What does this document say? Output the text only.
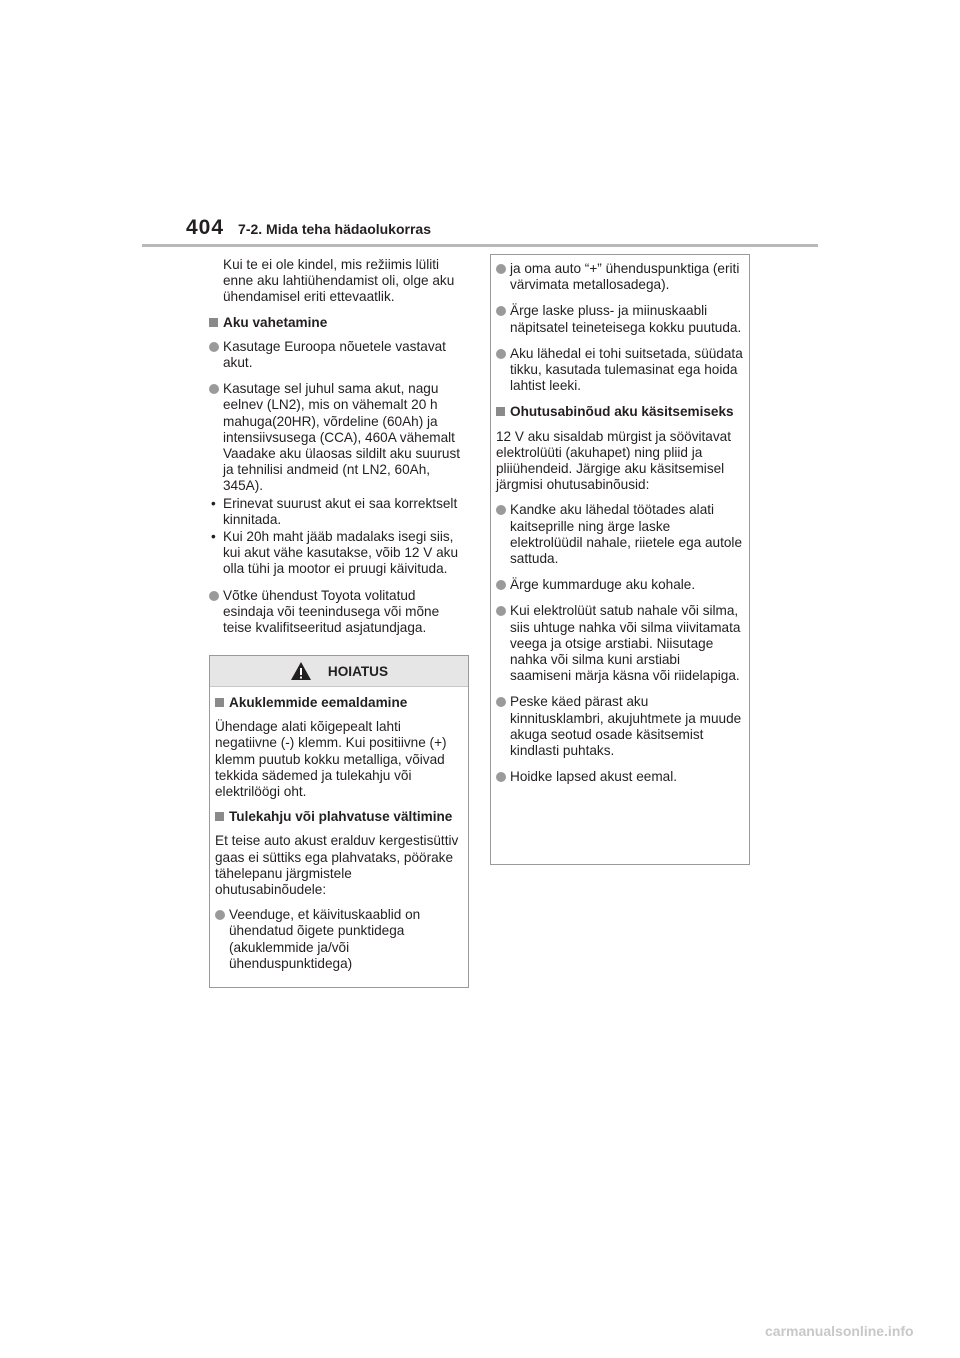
404 7-2. Mida teha hädaolukorras

Kui te ei ole kindel, mis režiimis lüliti enne aku lahtiühendamist oli, olge aku ühendamisel eriti ettevaatlik.

Aku vahetamine
Kasutage Euroopa nõuetele vastavat akut.
Kasutage sel juhul sama akut, nagu eelnev (LN2), mis on vähemalt 20 h mahuga(20HR), võrdeline (60Ah) ja intensiivsusega (CCA), 460A vähemalt Vaadake aku ülaosas sildilt aku suurust ja tehnilisi andmeid (nt LN2, 60Ah, 345A).
• Erinevat suurust akut ei saa korrektselt kinnitada.
• Kui 20h maht jääb madalaks isegi siis, kui akut vähe kasutakse, võib 12 V aku olla tühi ja mootor ei pruugi käivituda.
Võtke ühendust Toyota volitatud esindaja või teenindusega või mõne teise kvalifitseeritud asjatundjaga.
HOIATUS
Akuklemmide eemaldamine

Ühendage alati kõigepealt lahti negatiivne (-) klemm. Kui positiivne (+) klemm puutub kokku metalliga, võivad tekkida sädemed ja tulekahju või elektrilöögi oht.

Tulekahju või plahvatuse vältimine

Et teise auto akust eralduv kergestisüttiv gaas ei süttiks ega plahvataks, pöörake tähelepanu järgmistele ohutusabinõudele:

Veenduge, et käivituskaablid on ühendatud õigete punktidega (akuklemmide ja/või ühenduspunktidega)
ja oma auto “+” ühenduspunktiga (eriti värvimata metallosadega).
Ärge laske pluss- ja miinuskaabli näpitsatel teineteisega kokku puutuda.
Aku lähedal ei tohi suitsetada, süüdata tikku, kasutada tulemasinat ega hoida lahtist leeki.
Ohutusabinõud aku käsitsemiseks

12 V aku sisaldab mürgist ja söövitavat elektrolüüti (akuhapet) ning pliid ja pliiühendeid. Järgige aku käsitsemisel järgmisi ohutusabinõusid:

Kandke aku lähedal töötades alati kaitseprille ning ärge laske elektrolüüdil nahale, riietele ega autole sattuda.
Ärge kummarduge aku kohale.
Kui elektrolüüt satub nahale või silma, siis uhtuge nahka või silma viivitamata veega ja otsige arstiabi. Niisutage nahka või silma kuni arstiabi saamiseni märja käsna või riidelapiga.
Peske käed pärast aku kinnitusklambri, akujuhtmete ja muude akuga seotud osade käsitsemist kindlasti puhtaks.
Hoidke lapsed akust eemal.
carmanualsonline.info
